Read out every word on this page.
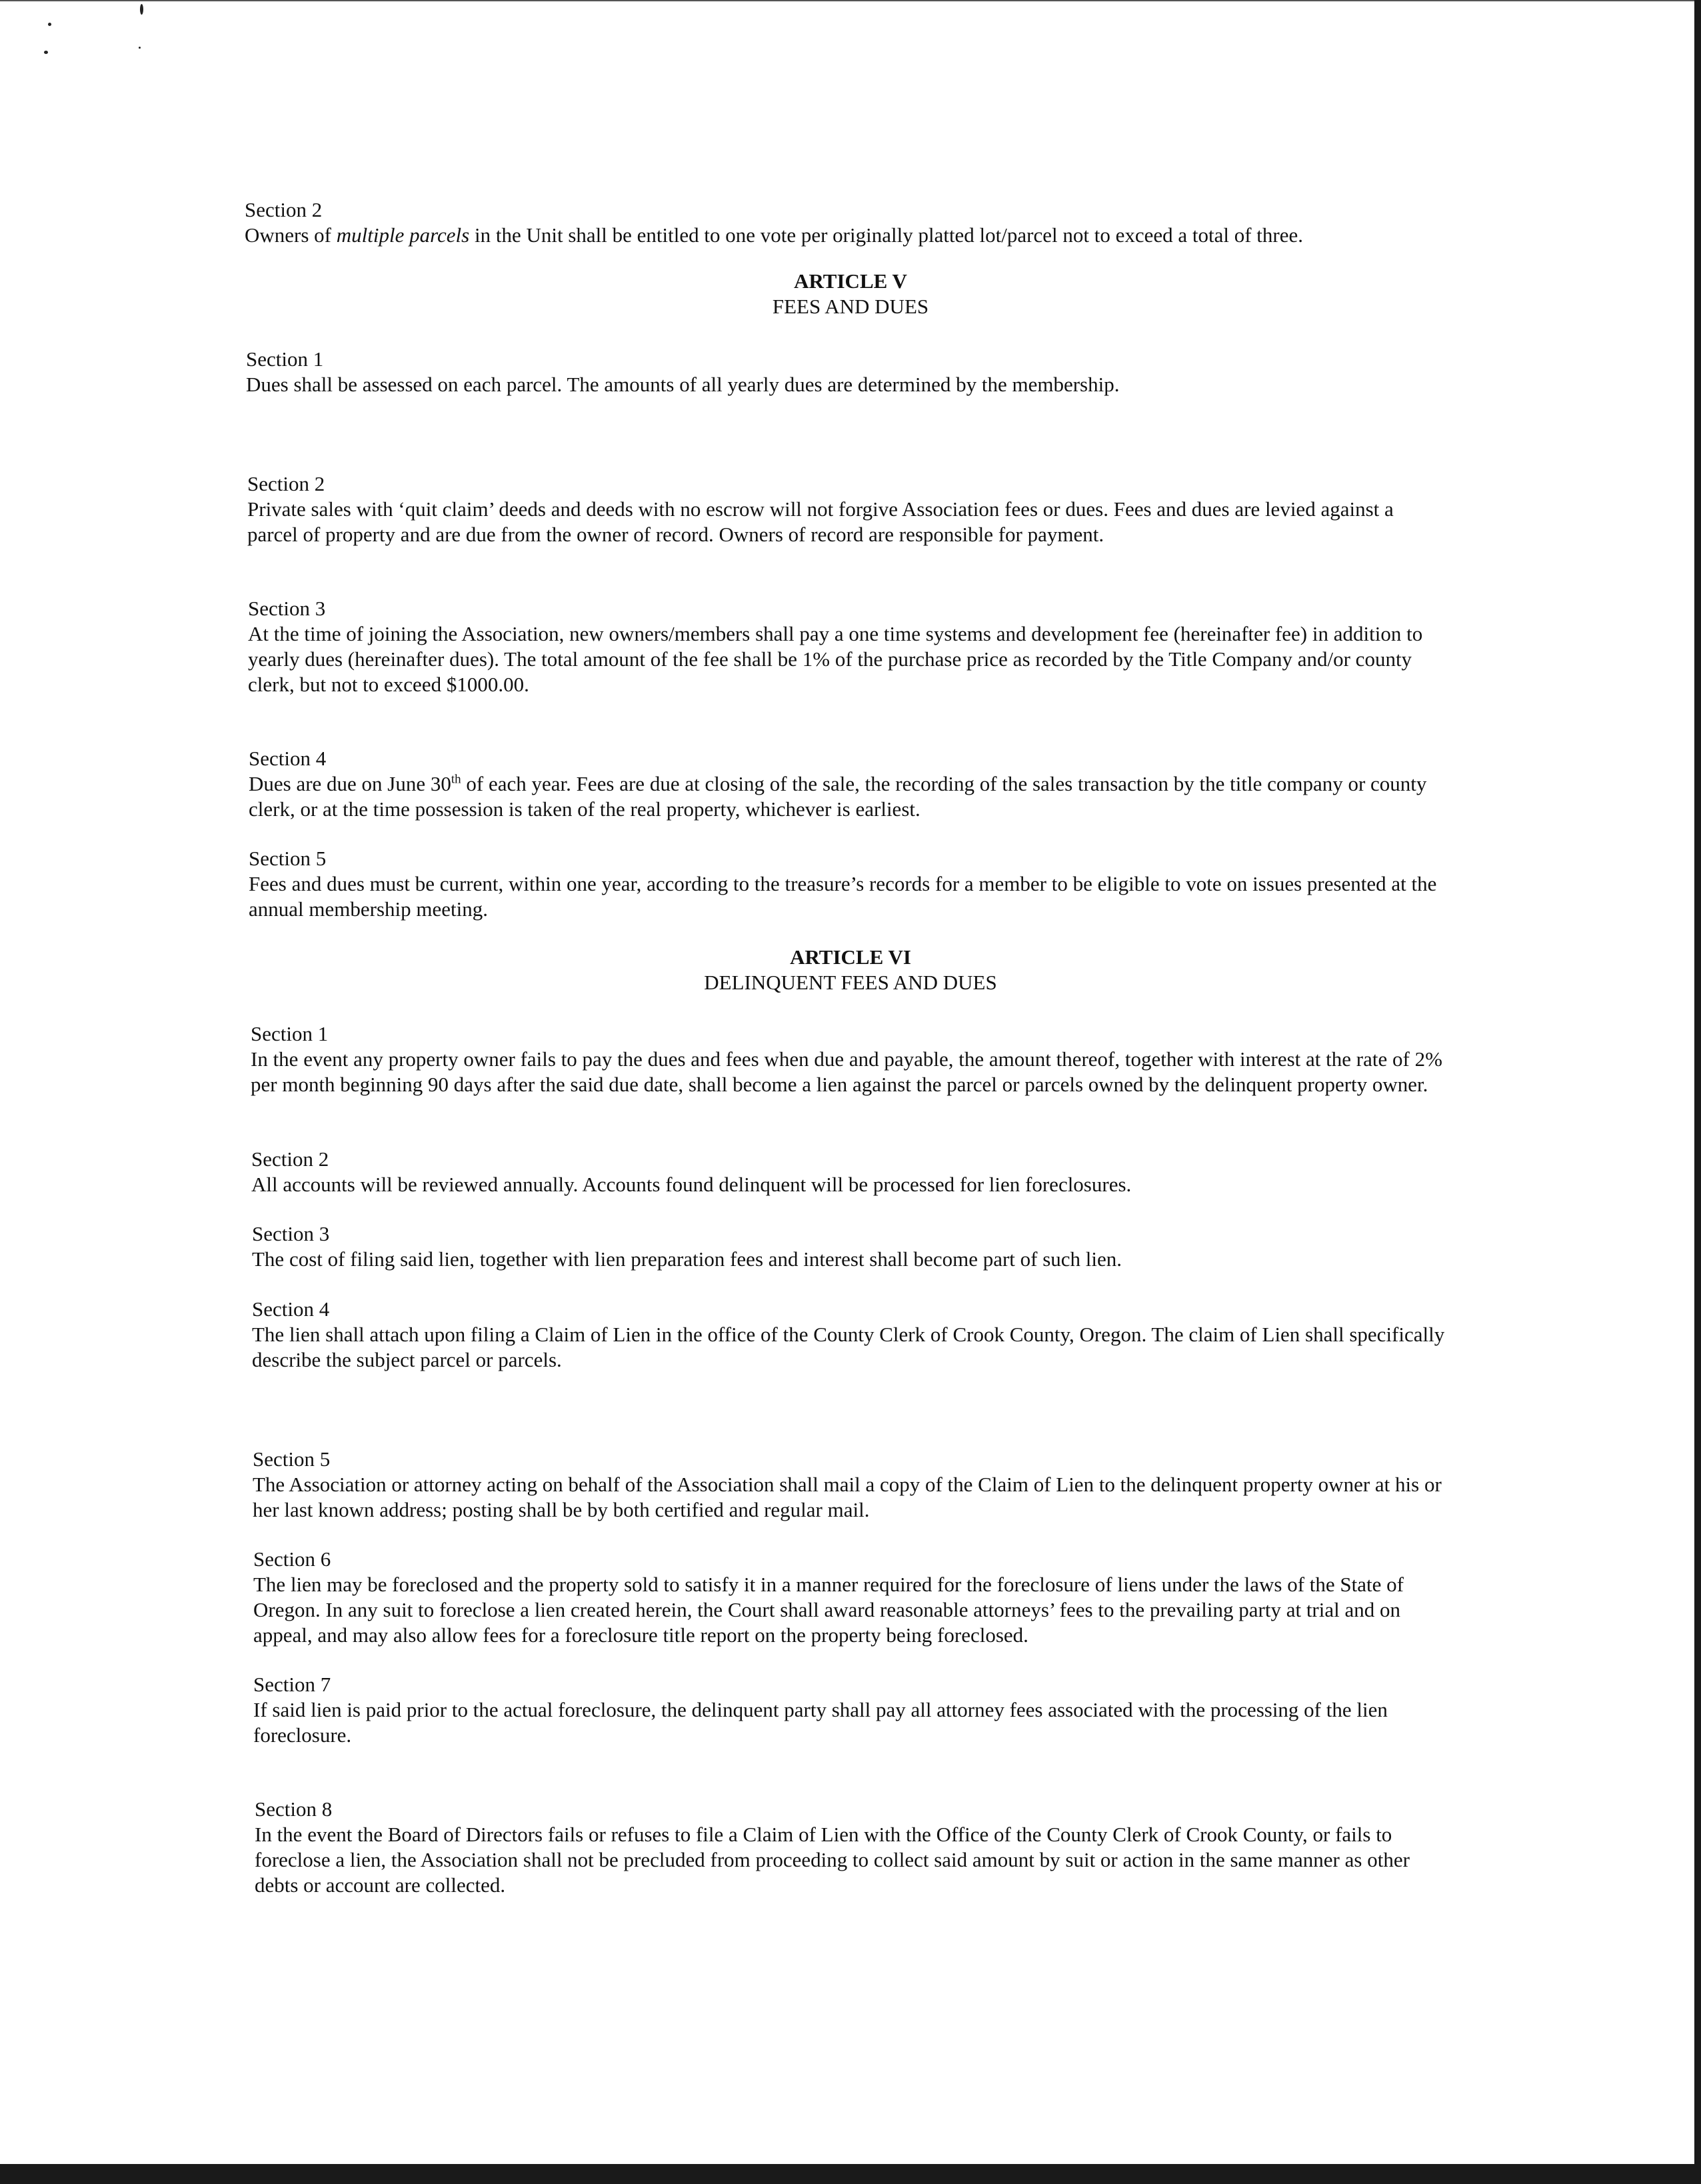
Section 2
Owners of multiple parcels in the Unit shall be entitled to one vote per originally platted lot/parcel not to exceed a total of three.
ARTICLE V
FEES AND DUES
Section 1
Dues shall be assessed on each parcel. The amounts of all yearly dues are determined by the membership.
Section 2
Private sales with ‘quit claim’ deeds and deeds with no escrow will not forgive Association fees or dues. Fees and dues are levied against a parcel of property and are due from the owner of record. Owners of record are responsible for payment.
Section 3
At the time of joining the Association, new owners/members shall pay a one time systems and development fee (hereinafter fee) in addition to yearly dues (hereinafter dues). The total amount of the fee shall be 1% of the purchase price as recorded by the Title Company and/or county clerk, but not to exceed $1000.00.
Section 4
Dues are due on June 30th of each year. Fees are due at closing of the sale, the recording of the sales transaction by the title company or county clerk, or at the time possession is taken of the real property, whichever is earliest.
Section 5
Fees and dues must be current, within one year, according to the treasure’s records for a member to be eligible to vote on issues presented at the annual membership meeting.
ARTICLE VI
DELINQUENT FEES AND DUES
Section 1
In the event any property owner fails to pay the dues and fees when due and payable, the amount thereof, together with interest at the rate of 2% per month beginning 90 days after the said due date, shall become a lien against the parcel or parcels owned by the delinquent property owner.
Section 2
All accounts will be reviewed annually. Accounts found delinquent will be processed for lien foreclosures.
Section 3
The cost of filing said lien, together with lien preparation fees and interest shall become part of such lien.
Section 4
The lien shall attach upon filing a Claim of Lien in the office of the County Clerk of Crook County, Oregon. The claim of Lien shall specifically describe the subject parcel or parcels.
Section 5
The Association or attorney acting on behalf of the Association shall mail a copy of the Claim of Lien to the delinquent property owner at his or her last known address; posting shall be by both certified and regular mail.
Section 6
The lien may be foreclosed and the property sold to satisfy it in a manner required for the foreclosure of liens under the laws of the State of Oregon. In any suit to foreclose a lien created herein, the Court shall award reasonable attorneys’ fees to the prevailing party at trial and on appeal, and may also allow fees for a foreclosure title report on the property being foreclosed.
Section 7
If said lien is paid prior to the actual foreclosure, the delinquent party shall pay all attorney fees associated with the processing of the lien foreclosure.
Section 8
In the event the Board of Directors fails or refuses to file a Claim of Lien with the Office of the County Clerk of Crook County, or fails to foreclose a lien, the Association shall not be precluded from proceeding to collect said amount by suit or action in the same manner as other debts or account are collected.
